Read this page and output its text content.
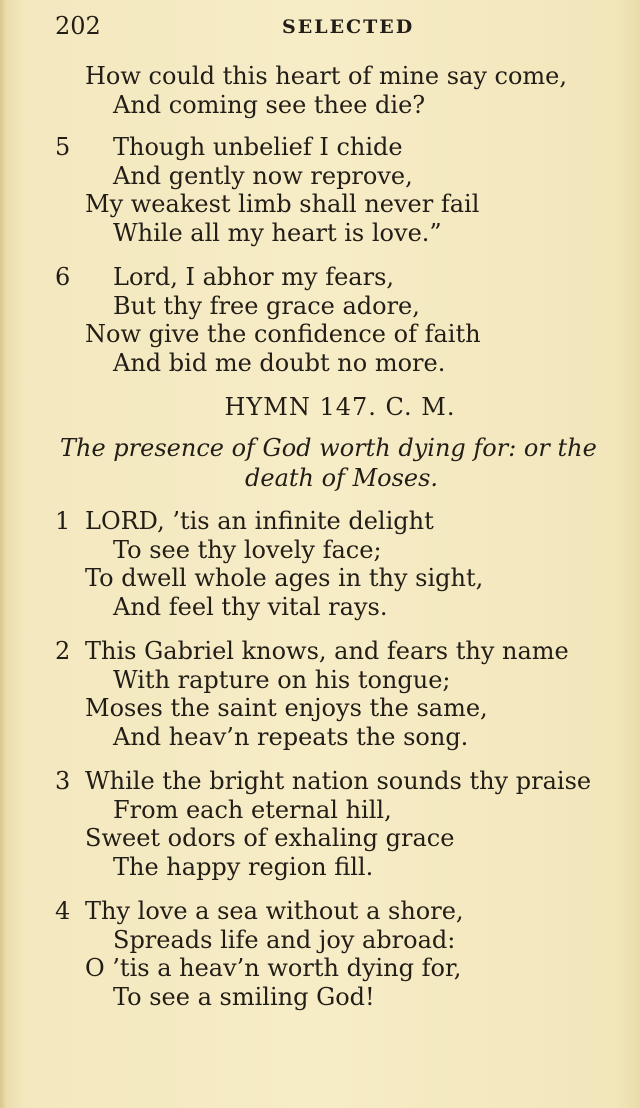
202	SELECTED
How could this heart of mine say come,
And coming see thee die?
5	Though unbelief I chide
And gently now reprove,
My weakest limb shall never fail
While all my heart is love.”
6	Lord, I abhor my fears,
But thy free grace adore,
Now give the confidence of faith
And bid me doubt no more.
HYMN 147. C. M.
The presence of God worth dying for: or the
death of Moses.
1 LORD, ’tis an infinite delight
To see thy lovely face;
To dwell whole ages in thy sight,
And feel thy vital rays.
2 This Gabriel knows, and fears thy name
With rapture on his tongue;
Moses the saint enjoys the same,
And heav’n repeats the song.
3 While the bright nation sounds thy praise
From each eternal hill,
Sweet odors of exhaling grace
The happy region fill.
4 Thy love a sea without a shore,
Spreads life and joy abroad:
O ’tis a heav’n worth dying for,
To see a smiling God!
